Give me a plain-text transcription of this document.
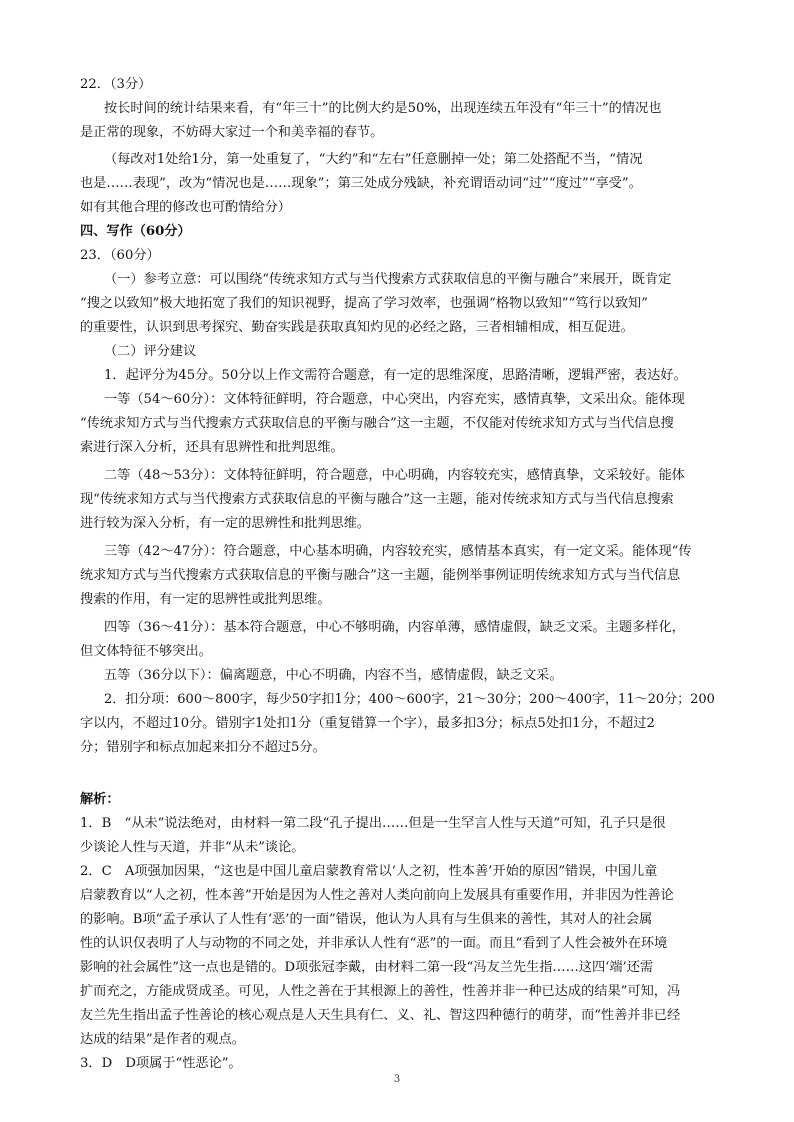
22．（3分）
按长时间的统计结果来看，有“年三十”的比例大约是50%，出现连续五年没有“年三十”的情况也
是正常的现象，不妨碍大家过一个和美幸福的春节。
（每改对1处给1分，第一处重复了，“大约”和“左右”任意删掉一处；第二处搭配不当，“情况
也是……表现”，改为“情况也是……现象”；第三处成分残缺，补充谓语动词“过”“度过”“享受”。
如有其他合理的修改也可酌情给分）
四、写作（60分）
23．（60分）
（一）参考立意：可以围绕“传统求知方式与当代搜索方式获取信息的平衡与融合”来展开，既肯定
“搜之以致知”极大地拓宽了我们的知识视野，提高了学习效率，也强调“格物以致知”“笃行以致知”
的重要性，认识到思考探究、勤奋实践是获取真知灼见的必经之路，三者相辅相成，相互促进。
（二）评分建议
1．起评分为45分。50分以上作文需符合题意，有一定的思维深度，思路清晰，逻辑严密，表达好。
一等（54～60分）：文体特征鲜明，符合题意，中心突出，内容充实，感情真挚，文采出众。能体现
“传统求知方式与当代搜索方式获取信息的平衡与融合”这一主题，不仅能对传统求知方式与当代信息搜
索进行深入分析，还具有思辨性和批判思维。
二等（48～53分）：文体特征鲜明，符合题意，中心明确，内容较充实，感情真挚，文采较好。能体
现“传统求知方式与当代搜索方式获取信息的平衡与融合”这一主题，能对传统求知方式与当代信息搜索
进行较为深入分析，有一定的思辨性和批判思维。
三等（42～47分）：符合题意，中心基本明确，内容较充实，感情基本真实，有一定文采。能体现“传
统求知方式与当代搜索方式获取信息的平衡与融合”这一主题，能例举事例证明传统求知方式与当代信息
搜索的作用，有一定的思辨性或批判思维。
四等（36～41分）：基本符合题意，中心不够明确，内容单薄，感情虚假，缺乏文采。主题多样化，
但文体特征不够突出。
五等（36分以下）：偏离题意，中心不明确，内容不当，感情虚假，缺乏文采。
2．扣分项：600～800字，每少50字扣1分；400～600字，21～30分；200～400字，11～20分；200
字以内，不超过10分。错别字1处扣1分（重复错算一个字），最多扣3分；标点5处扣1分，不超过2
分；错别字和标点加起来扣分不超过5分。
解析：
1．B　“从未”说法绝对，由材料一第二段“孔子提出……但是一生罕言人性与天道”可知，孔子只是很
少谈论人性与天道，并非“从未”谈论。
2．C　A项强加因果，“这也是中国儿童启蒙教育常以‘人之初，性本善’开始的原因”错误，中国儿童
启蒙教育以“人之初，性本善”开始是因为人性之善对人类向前向上发展具有重要作用，并非因为性善论
的影响。B项“孟子承认了人性有‘恶’的一面”错误，他认为人具有与生俱来的善性，其对人的社会属
性的认识仅表明了人与动物的不同之处，并非承认人性有“恶”的一面。而且“看到了人性会被外在环境
影响的社会属性”这一点也是错的。D项张冠李戴，由材料二第一段“冯友兰先生指……这四‘端’还需
扩而充之，方能成贤成圣。可见，人性之善在于其根源上的善性，性善并非一种已达成的结果”可知，冯
友兰先生指出孟子性善论的核心观点是人天生具有仁、义、礼、智这四种德行的萌芽，而“性善并非已经
达成的结果”是作者的观点。
3．D　D项属于“性恶论”。
3
